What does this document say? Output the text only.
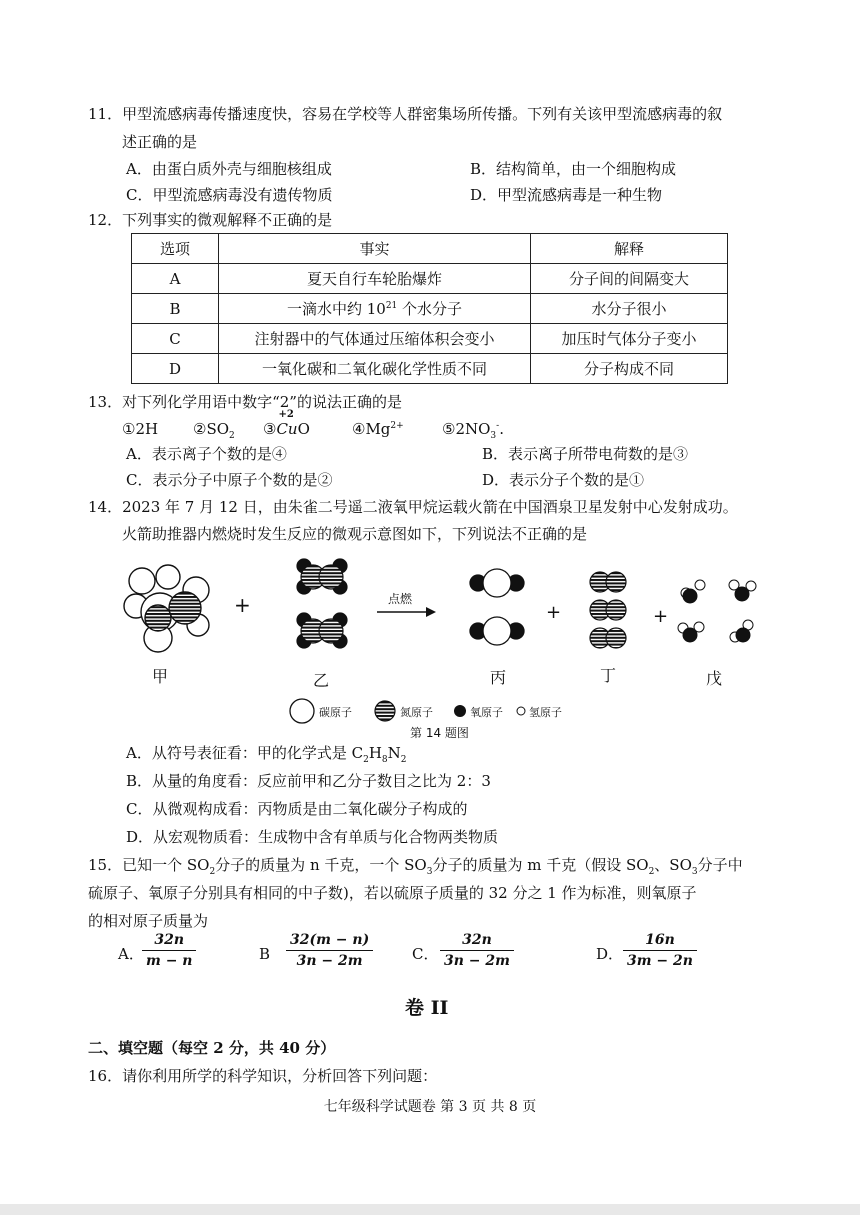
11．甲型流感病毒传播速度快，容易在学校等人群密集场所传播。下列有关该甲型流感病毒的叙
述正确的是
A．由蛋白质外壳与细胞核组成	B．结构简单，由一个细胞构成
C．甲型流感病毒没有遗传物质	D．甲型流感病毒是一种生物
12．下列事实的微观解释不正确的是
选项	事实	解释
A	夏天自行车轮胎爆炸	分子间的间隔变大
B	一滴水中约 $10^{21}$ 个水分子	水分子很小
C	注射器中的气体通过压缩体积会变小	加压时气体分子变小
D	一氧化碳和二氧化碳化学性质不同	分子构成不同
13．对下列化学用语中数字“2”的说法正确的是
①2H $②SO_2$ ③
+2
CuO	$④Mg^{2+}$	$⑤2NO_3^-$.
A．表示离子个数的是④	B．表示离子所带电荷数的是③
C．表示分子中原子个数的是②	D．表示分子个数的是①
14．2023 年 7 月 12 日，由朱雀二号遥二液氧甲烷运载火箭在中国酒泉卫星发射中心发射成功。
火箭助推器内燃烧时发生反应的微观示意图如下，下列说法不正确的是
+	点燃
+	+
甲	乙	丙	丁	戊
碳原子	氮原子	氧原子 氢原子
第 14 题图
A．从符号表征看：甲的化学式是 $C_2H_8N_2$
B．从量的角度看：反应前甲和乙分子数目之比为 2：3
C．从微观构成看：丙物质是由二氧化碳分子构成的
D．从宏观物质看：生成物中含有单质与化合物两类物质
15．已知一个 $SO_2$分子的质量为 n 千克，一个 $SO_3$分子的质量为 m 千克（假设 $SO_2$、$SO_3$分子中
硫原子、氧原子分别具有相同的中子数)，若以硫原子质量的 32 分之 1 作为标准，则氧原子
的相对原子质量为
A．
$\frac{32n}{m - n}$	B $\frac{32(m - n)}{3n - 2m}$	C． $\frac{32n}{3n - 2m}$	D． $\frac{16n}{3m - 2n}$
卷 II
二、填空题（每空 2 分，共 40 分）
16．请你利用所学的科学知识，分析回答下列问题：
七年级科学试题卷 第 3 页 共 8 页
